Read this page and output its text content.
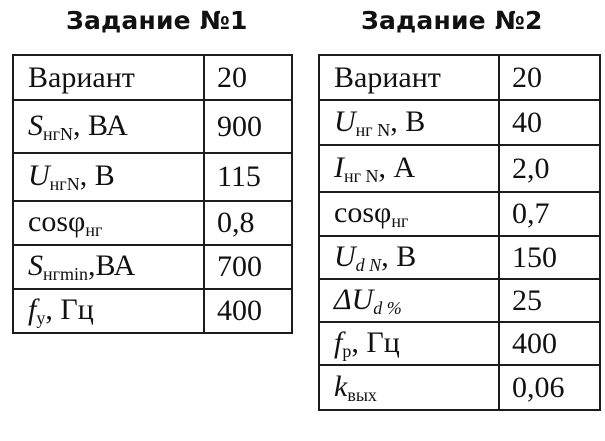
Задание №1	Задание №2
Вариант	20
$S_{нгN}$, ВА	900
$U_{нгN}$, В	115
cosφ$_{нг}$	0,8
$S_{нгmin},ВА$	700
$f_у$, Гц	400
Вариант	20
$U_{нг N}$, В	40
$I_{нг N}$, А	2,0
cosφ$_{нг}$	0,7
$U_{d N}$, В	150
$\Delta U_{d \%}$	25
$f_р$, Гц	400
$k_{вых}$	0,06
